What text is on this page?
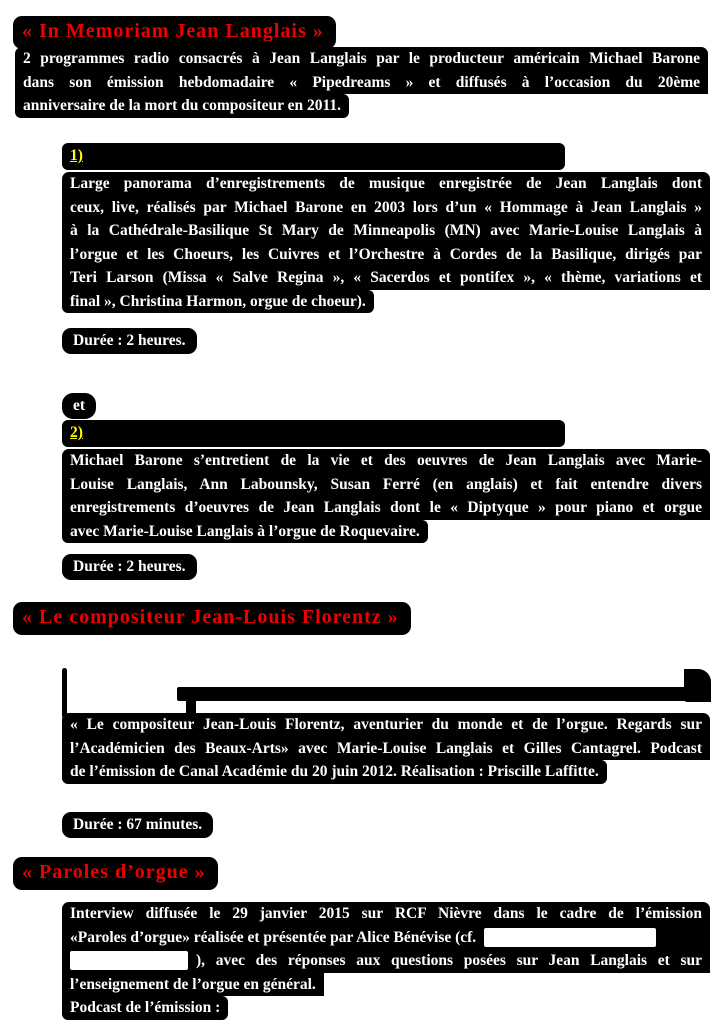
« In Memoriam Jean Langlais »
2 programmes radio consacrés à Jean Langlais par le producteur américain Michael Barone
dans son émission hebdomadaire « Pipedreams » et diffusés à l’occasion du 20ème
anniversaire de la mort du compositeur en 2011.
1)
Large panorama d’enregistrements de musique enregistrée de Jean Langlais dont
ceux, live, réalisés par Michael Barone en 2003 lors d’un « Hommage à Jean Langlais »
à la Cathédrale-Basilique St Mary de Minneapolis (MN) avec Marie-Louise Langlais à
l’orgue et les Choeurs, les Cuivres et l’Orchestre à Cordes de la Basilique, dirigés par
Teri Larson (Missa « Salve Regina », « Sacerdos et pontifex », « thème, variations et
final », Christina Harmon, orgue de choeur).
Durée : 2 heures.
et
2)
Michael Barone s’entretient de la vie et des oeuvres de Jean Langlais avec Marie-
Louise Langlais, Ann Labounsky, Susan Ferré (en anglais) et fait entendre divers
enregistrements d’oeuvres de Jean Langlais dont le « Diptyque » pour piano et orgue
avec Marie-Louise Langlais à l’orgue de Roquevaire.
Durée : 2 heures.
« Le compositeur Jean-Louis Florentz »
« Le compositeur Jean-Louis Florentz, aventurier du monde et de l’orgue. Regards sur
l’Académicien des Beaux-Arts» avec Marie-Louise Langlais et Gilles Cantagrel. Podcast
de l’émission de Canal Académie du 20 juin 2012. Réalisation : Priscille Laffitte.
Durée : 67 minutes.
« Paroles d’orgue »
Interview diffusée le 29 janvier 2015 sur RCF Nièvre dans le cadre de l’émission
«Paroles d’orgue» réalisée et présentée par Alice Bénévise (cf.
), avec des réponses aux questions posées sur Jean Langlais et sur
l’enseignement de l’orgue en général.
Podcast de l’émission :
